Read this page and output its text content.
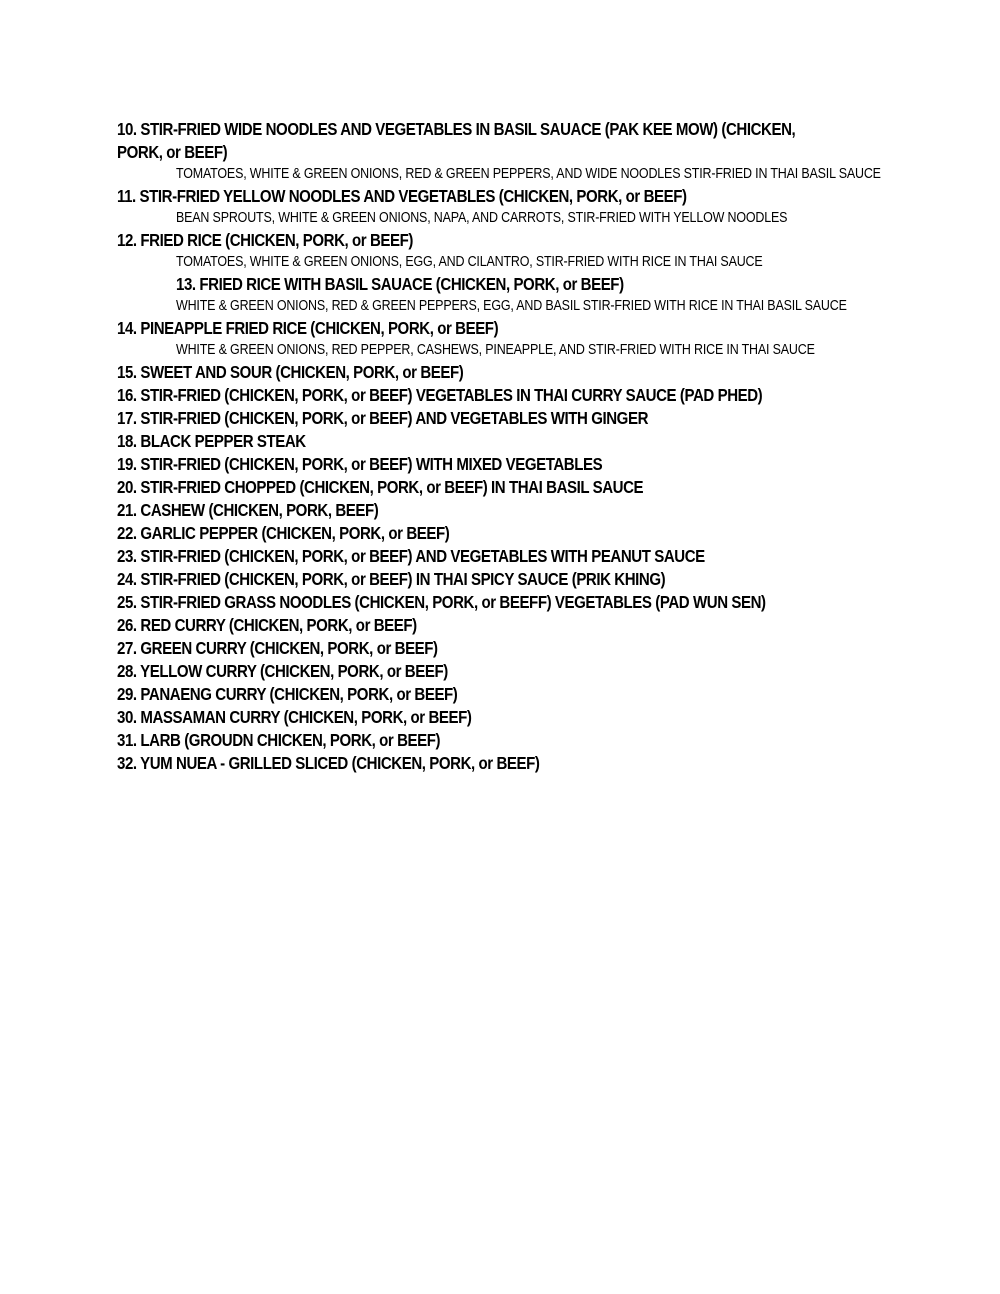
10. STIR-FRIED WIDE NOODLES AND VEGETABLES IN BASIL SAUACE (PAK KEE MOW) (CHICKEN, PORK, or BEEF)
TOMATOES, WHITE & GREEN ONIONS, RED & GREEN PEPPERS, AND WIDE NOODLES STIR-FRIED IN THAI BASIL SAUCE
11. STIR-FRIED YELLOW NOODLES AND VEGETABLES (CHICKEN, PORK, or BEEF)
BEAN SPROUTS, WHITE & GREEN ONIONS, NAPA, AND CARROTS, STIR-FRIED WITH YELLOW NOODLES
12. FRIED RICE (CHICKEN, PORK, or BEEF)
TOMATOES, WHITE & GREEN ONIONS, EGG, AND CILANTRO, STIR-FRIED WITH RICE IN THAI SAUCE
13. FRIED RICE WITH BASIL SAUACE (CHICKEN, PORK, or BEEF)
WHITE & GREEN ONIONS, RED & GREEN PEPPERS, EGG, AND BASIL STIR-FRIED WITH RICE IN THAI BASIL SAUCE
14. PINEAPPLE FRIED RICE (CHICKEN, PORK, or BEEF)
WHITE & GREEN ONIONS, RED PEPPER, CASHEWS, PINEAPPLE, AND STIR-FRIED WITH RICE IN THAI SAUCE
15. SWEET AND SOUR (CHICKEN, PORK, or BEEF)
16. STIR-FRIED (CHICKEN, PORK, or BEEF) VEGETABLES IN THAI CURRY SAUCE (PAD PHED)
17. STIR-FRIED (CHICKEN, PORK, or BEEF) AND VEGETABLES WITH GINGER
18. BLACK PEPPER STEAK
19. STIR-FRIED (CHICKEN, PORK, or BEEF) WITH MIXED VEGETABLES
20. STIR-FRIED CHOPPED (CHICKEN, PORK, or BEEF) IN THAI BASIL SAUCE
21. CASHEW (CHICKEN, PORK, BEEF)
22. GARLIC PEPPER (CHICKEN, PORK, or BEEF)
23. STIR-FRIED (CHICKEN, PORK, or BEEF) AND VEGETABLES WITH PEANUT SAUCE
24. STIR-FRIED (CHICKEN, PORK, or BEEF) IN THAI SPICY SAUCE (PRIK KHING)
25. STIR-FRIED GRASS NOODLES (CHICKEN, PORK, or BEEFF) VEGETABLES (PAD WUN SEN)
26. RED CURRY (CHICKEN, PORK, or BEEF)
27. GREEN CURRY (CHICKEN, PORK, or BEEF)
28. YELLOW CURRY (CHICKEN, PORK, or BEEF)
29. PANAENG CURRY (CHICKEN, PORK, or BEEF)
30. MASSAMAN CURRY (CHICKEN, PORK, or BEEF)
31. LARB (GROUDN CHICKEN, PORK, or BEEF)
32. YUM NUEA - GRILLED SLICED (CHICKEN, PORK, or BEEF)
